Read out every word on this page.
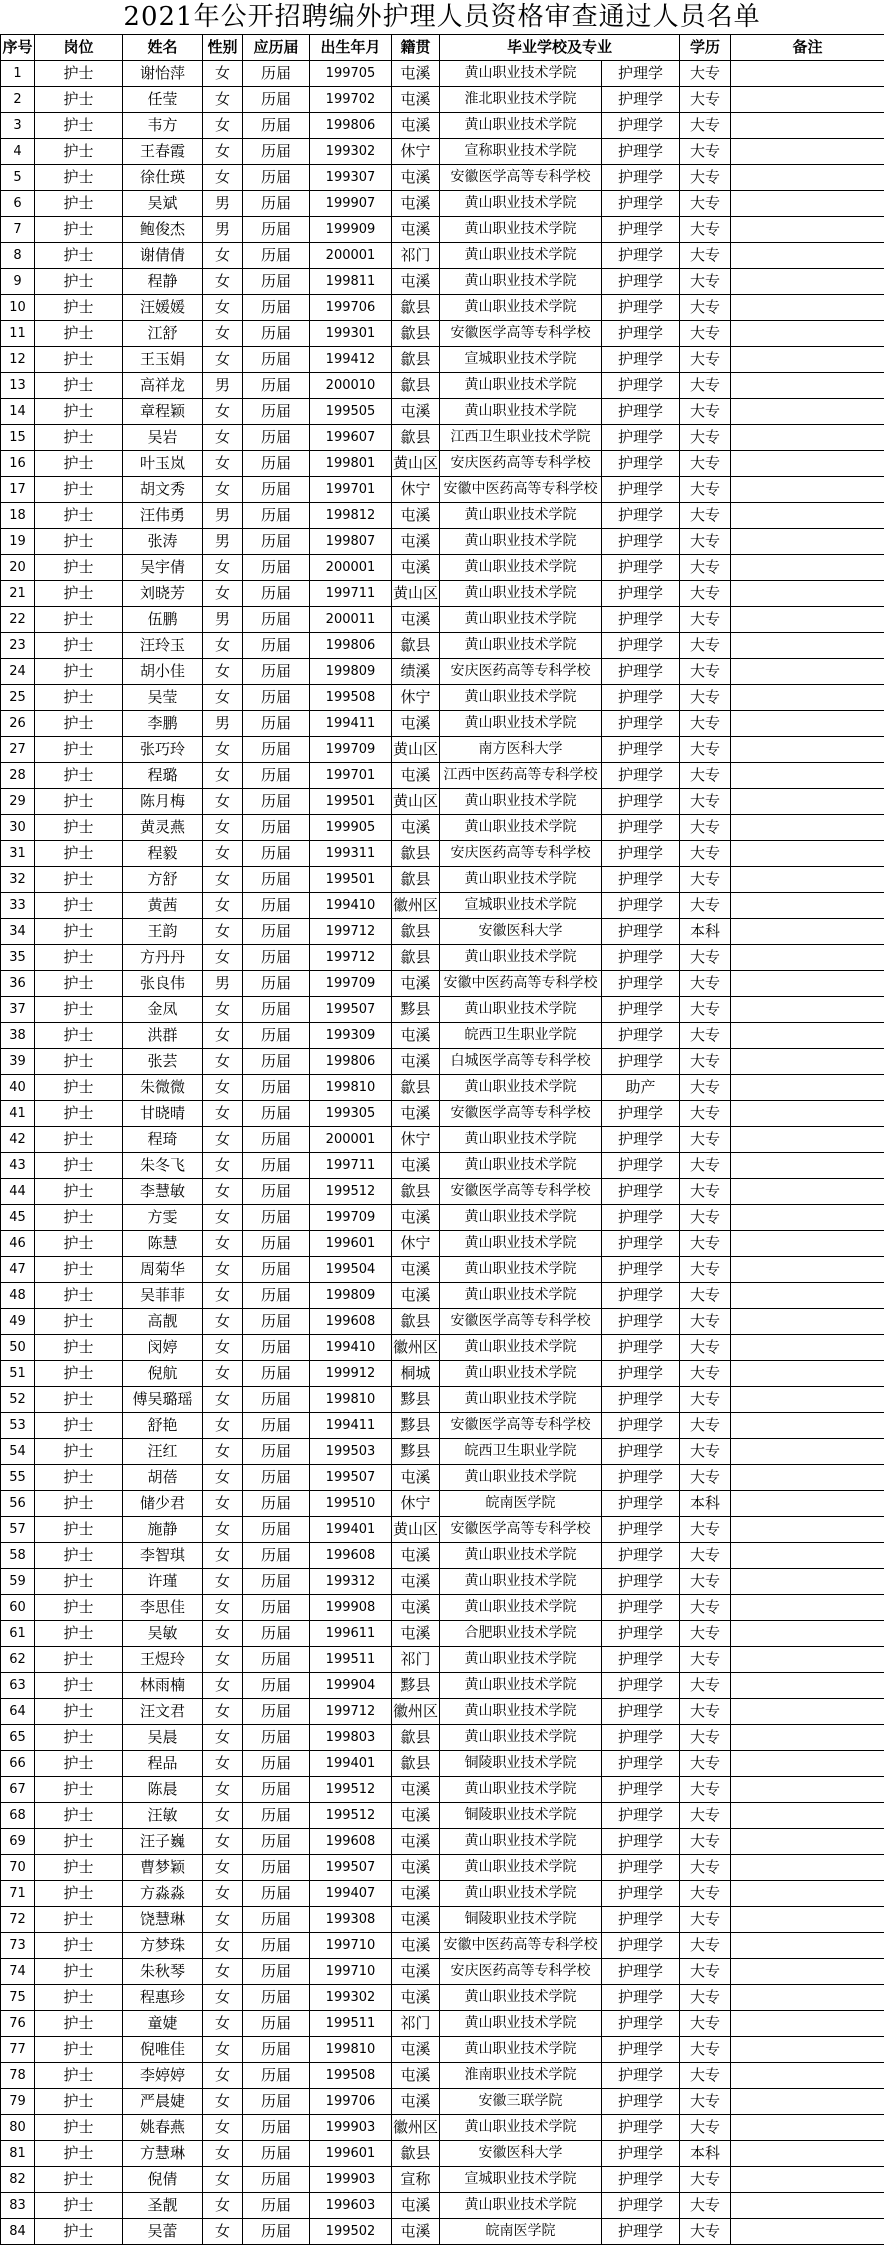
2021年公开招聘编外护理人员资格审查通过人员名单
序号	岗位	姓名	性别	应历届	出生年月	籍贯	毕业学校及专业		学历	备注
1	护士	谢怡萍	女	历届	199705	屯溪	黄山职业技术学院	护理学	大专	
2	护士	任莹	女	历届	199702	屯溪	淮北职业技术学院	护理学	大专	
3	护士	韦方	女	历届	199806	屯溪	黄山职业技术学院	护理学	大专	
4	护士	王春霞	女	历届	199302	休宁	宣称职业技术学院	护理学	大专	
5	护士	徐仕瑛	女	历届	199307	屯溪	安徽医学高等专科学校	护理学	大专	
6	护士	吴斌	男	历届	199907	屯溪	黄山职业技术学院	护理学	大专	
7	护士	鲍俊杰	男	历届	199909	屯溪	黄山职业技术学院	护理学	大专	
8	护士	谢倩倩	女	历届	200001	祁门	黄山职业技术学院	护理学	大专	
9	护士	程静	女	历届	199811	屯溪	黄山职业技术学院	护理学	大专	
10	护士	汪媛媛	女	历届	199706	歙县	黄山职业技术学院	护理学	大专	
11	护士	江舒	女	历届	199301	歙县	安徽医学高等专科学校	护理学	大专	
12	护士	王玉娟	女	历届	199412	歙县	宣城职业技术学院	护理学	大专	
13	护士	高祥龙	男	历届	200010	歙县	黄山职业技术学院	护理学	大专	
14	护士	章程颖	女	历届	199505	屯溪	黄山职业技术学院	护理学	大专	
15	护士	吴岩	女	历届	199607	歙县	江西卫生职业技术学院	护理学	大专	
16	护士	叶玉岚	女	历届	199801	黄山区	安庆医药高等专科学校	护理学	大专	
17	护士	胡文秀	女	历届	199701	休宁	安徽中医药高等专科学校	护理学	大专	
18	护士	汪伟勇	男	历届	199812	屯溪	黄山职业技术学院	护理学	大专	
19	护士	张涛	男	历届	199807	屯溪	黄山职业技术学院	护理学	大专	
20	护士	吴宇倩	女	历届	200001	屯溪	黄山职业技术学院	护理学	大专	
21	护士	刘晓芳	女	历届	199711	黄山区	黄山职业技术学院	护理学	大专	
22	护士	伍鹏	男	历届	200011	屯溪	黄山职业技术学院	护理学	大专	
23	护士	汪玲玉	女	历届	199806	歙县	黄山职业技术学院	护理学	大专	
24	护士	胡小佳	女	历届	199809	绩溪	安庆医药高等专科学校	护理学	大专	
25	护士	吴莹	女	历届	199508	休宁	黄山职业技术学院	护理学	大专	
26	护士	李鹏	男	历届	199411	屯溪	黄山职业技术学院	护理学	大专	
27	护士	张巧玲	女	历届	199709	黄山区	南方医科大学	护理学	大专	
28	护士	程璐	女	历届	199701	屯溪	江西中医药高等专科学校	护理学	大专	
29	护士	陈月梅	女	历届	199501	黄山区	黄山职业技术学院	护理学	大专	
30	护士	黄灵燕	女	历届	199905	屯溪	黄山职业技术学院	护理学	大专	
31	护士	程毅	女	历届	199311	歙县	安庆医药高等专科学校	护理学	大专	
32	护士	方舒	女	历届	199501	歙县	黄山职业技术学院	护理学	大专	
33	护士	黄茜	女	历届	199410	徽州区	宣城职业技术学院	护理学	大专	
34	护士	王韵	女	历届	199712	歙县	安徽医科大学	护理学	本科	
35	护士	方丹丹	女	历届	199712	歙县	黄山职业技术学院	护理学	大专	
36	护士	张良伟	男	历届	199709	屯溪	安徽中医药高等专科学校	护理学	大专	
37	护士	金凤	女	历届	199507	黟县	黄山职业技术学院	护理学	大专	
38	护士	洪群	女	历届	199309	屯溪	皖西卫生职业学院	护理学	大专	
39	护士	张芸	女	历届	199806	屯溪	白城医学高等专科学校	护理学	大专	
40	护士	朱微微	女	历届	199810	歙县	黄山职业技术学院	助产	大专	
41	护士	甘晓晴	女	历届	199305	屯溪	安徽医学高等专科学校	护理学	大专	
42	护士	程琦	女	历届	200001	休宁	黄山职业技术学院	护理学	大专	
43	护士	朱冬飞	女	历届	199711	屯溪	黄山职业技术学院	护理学	大专	
44	护士	李慧敏	女	历届	199512	歙县	安徽医学高等专科学校	护理学	大专	
45	护士	方雯	女	历届	199709	屯溪	黄山职业技术学院	护理学	大专	
46	护士	陈慧	女	历届	199601	休宁	黄山职业技术学院	护理学	大专	
47	护士	周菊华	女	历届	199504	屯溪	黄山职业技术学院	护理学	大专	
48	护士	吴菲菲	女	历届	199809	屯溪	黄山职业技术学院	护理学	大专	
49	护士	高靓	女	历届	199608	歙县	安徽医学高等专科学校	护理学	大专	
50	护士	闵婷	女	历届	199410	徽州区	黄山职业技术学院	护理学	大专	
51	护士	倪航	女	历届	199912	桐城	黄山职业技术学院	护理学	大专	
52	护士	傅吴璐瑶	女	历届	199810	黟县	黄山职业技术学院	护理学	大专	
53	护士	舒艳	女	历届	199411	黟县	安徽医学高等专科学校	护理学	大专	
54	护士	汪红	女	历届	199503	黟县	皖西卫生职业学院	护理学	大专	
55	护士	胡蓓	女	历届	199507	屯溪	黄山职业技术学院	护理学	大专	
56	护士	储少君	女	历届	199510	休宁	皖南医学院	护理学	本科	
57	护士	施静	女	历届	199401	黄山区	安徽医学高等专科学校	护理学	大专	
58	护士	李智琪	女	历届	199608	屯溪	黄山职业技术学院	护理学	大专	
59	护士	许瑾	女	历届	199312	屯溪	黄山职业技术学院	护理学	大专	
60	护士	李思佳	女	历届	199908	屯溪	黄山职业技术学院	护理学	大专	
61	护士	吴敏	女	历届	199611	屯溪	合肥职业技术学院	护理学	大专	
62	护士	王煜玲	女	历届	199511	祁门	黄山职业技术学院	护理学	大专	
63	护士	林雨楠	女	历届	199904	黟县	黄山职业技术学院	护理学	大专	
64	护士	汪文君	女	历届	199712	徽州区	黄山职业技术学院	护理学	大专	
65	护士	吴晨	女	历届	199803	歙县	黄山职业技术学院	护理学	大专	
66	护士	程品	女	历届	199401	歙县	铜陵职业技术学院	护理学	大专	
67	护士	陈晨	女	历届	199512	屯溪	黄山职业技术学院	护理学	大专	
68	护士	汪敏	女	历届	199512	屯溪	铜陵职业技术学院	护理学	大专	
69	护士	汪子巍	女	历届	199608	屯溪	黄山职业技术学院	护理学	大专	
70	护士	曹梦颖	女	历届	199507	屯溪	黄山职业技术学院	护理学	大专	
71	护士	方淼淼	女	历届	199407	屯溪	黄山职业技术学院	护理学	大专	
72	护士	饶慧琳	女	历届	199308	屯溪	铜陵职业技术学院	护理学	大专	
73	护士	方梦珠	女	历届	199710	屯溪	安徽中医药高等专科学校	护理学	大专	
74	护士	朱秋琴	女	历届	199710	屯溪	安庆医药高等专科学校	护理学	大专	
75	护士	程惠珍	女	历届	199302	屯溪	黄山职业技术学院	护理学	大专	
76	护士	童婕	女	历届	199511	祁门	黄山职业技术学院	护理学	大专	
77	护士	倪唯佳	女	历届	199810	屯溪	黄山职业技术学院	护理学	大专	
78	护士	李婷婷	女	历届	199508	屯溪	淮南职业技术学院	护理学	大专	
79	护士	严晨婕	女	历届	199706	屯溪	安徽三联学院	护理学	大专	
80	护士	姚春燕	女	历届	199903	徽州区	黄山职业技术学院	护理学	大专	
81	护士	方慧琳	女	历届	199601	歙县	安徽医科大学	护理学	本科	
82	护士	倪倩	女	历届	199903	宣称	宣城职业技术学院	护理学	大专	
83	护士	圣靓	女	历届	199603	屯溪	黄山职业技术学院	护理学	大专	
84	护士	吴蕾	女	历届	199502	屯溪	皖南医学院	护理学	大专	
